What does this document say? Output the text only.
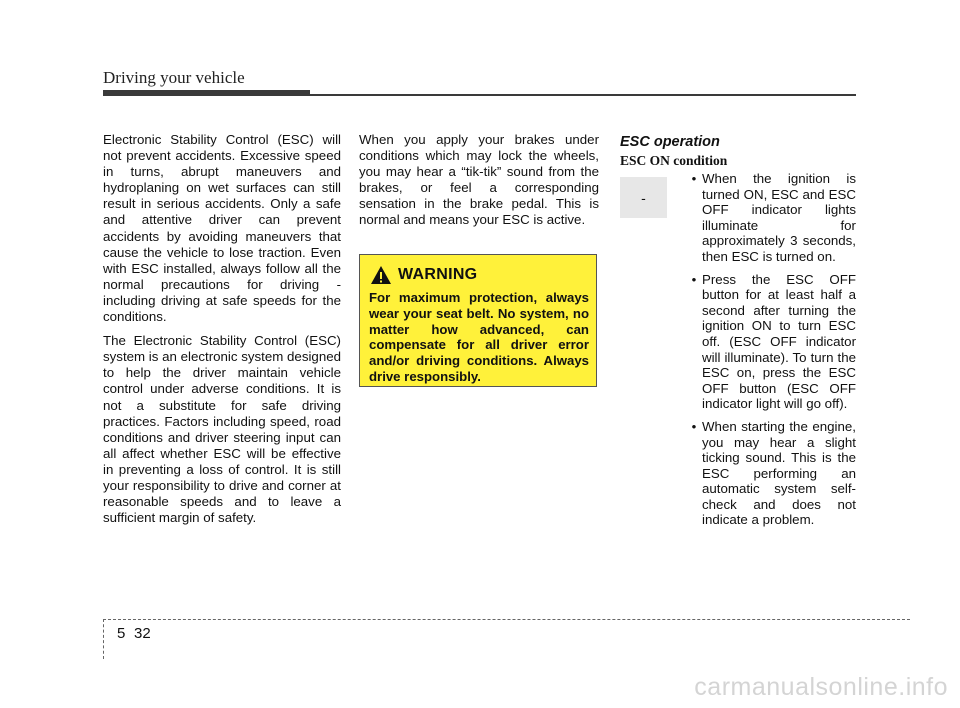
Driving your vehicle

Electronic Stability Control (ESC) will not prevent accidents. Excessive speed in turns, abrupt maneuvers and hydroplaning on wet surfaces can still result in serious accidents. Only a safe and attentive driver can prevent accidents by avoiding maneuvers that cause the vehicle to lose traction. Even with ESC installed, always follow all the normal precautions for driving - including driving at safe speeds for the conditions.

The Electronic Stability Control (ESC) system is an electronic system designed to help the driver maintain vehicle control under adverse conditions. It is not a substitute for safe driving practices. Factors including speed, road conditions and driver steering input can all affect whether ESC will be effective in preventing a loss of control. It is still your responsibility to drive and corner at reasonable speeds and to leave a sufficient margin of safety.

When you apply your brakes under conditions which may lock the wheels, you may hear a “tik-tik” sound from the brakes, or feel a corresponding sensation in the brake pedal. This is normal and means your ESC is active.

WARNING
For maximum protection, always wear your seat belt. No system, no matter how advanced, can compensate for all driver error and/or driving conditions. Always drive responsibly.
ESC operation
ESC ON condition
-
• When the ignition is turned ON, ESC and ESC OFF indicator lights illuminate for approximately 3 seconds, then ESC is turned on.
• Press the ESC OFF button for at least half a second after turning the ignition ON to turn ESC off. (ESC OFF indicator will illuminate). To turn the ESC on, press the ESC OFF button (ESC OFF indicator light will go off).
• When starting the engine, you may hear a slight ticking sound. This is the ESC performing an automatic system self-check and does not indicate a problem.
5 32
carmanualsonline.info
